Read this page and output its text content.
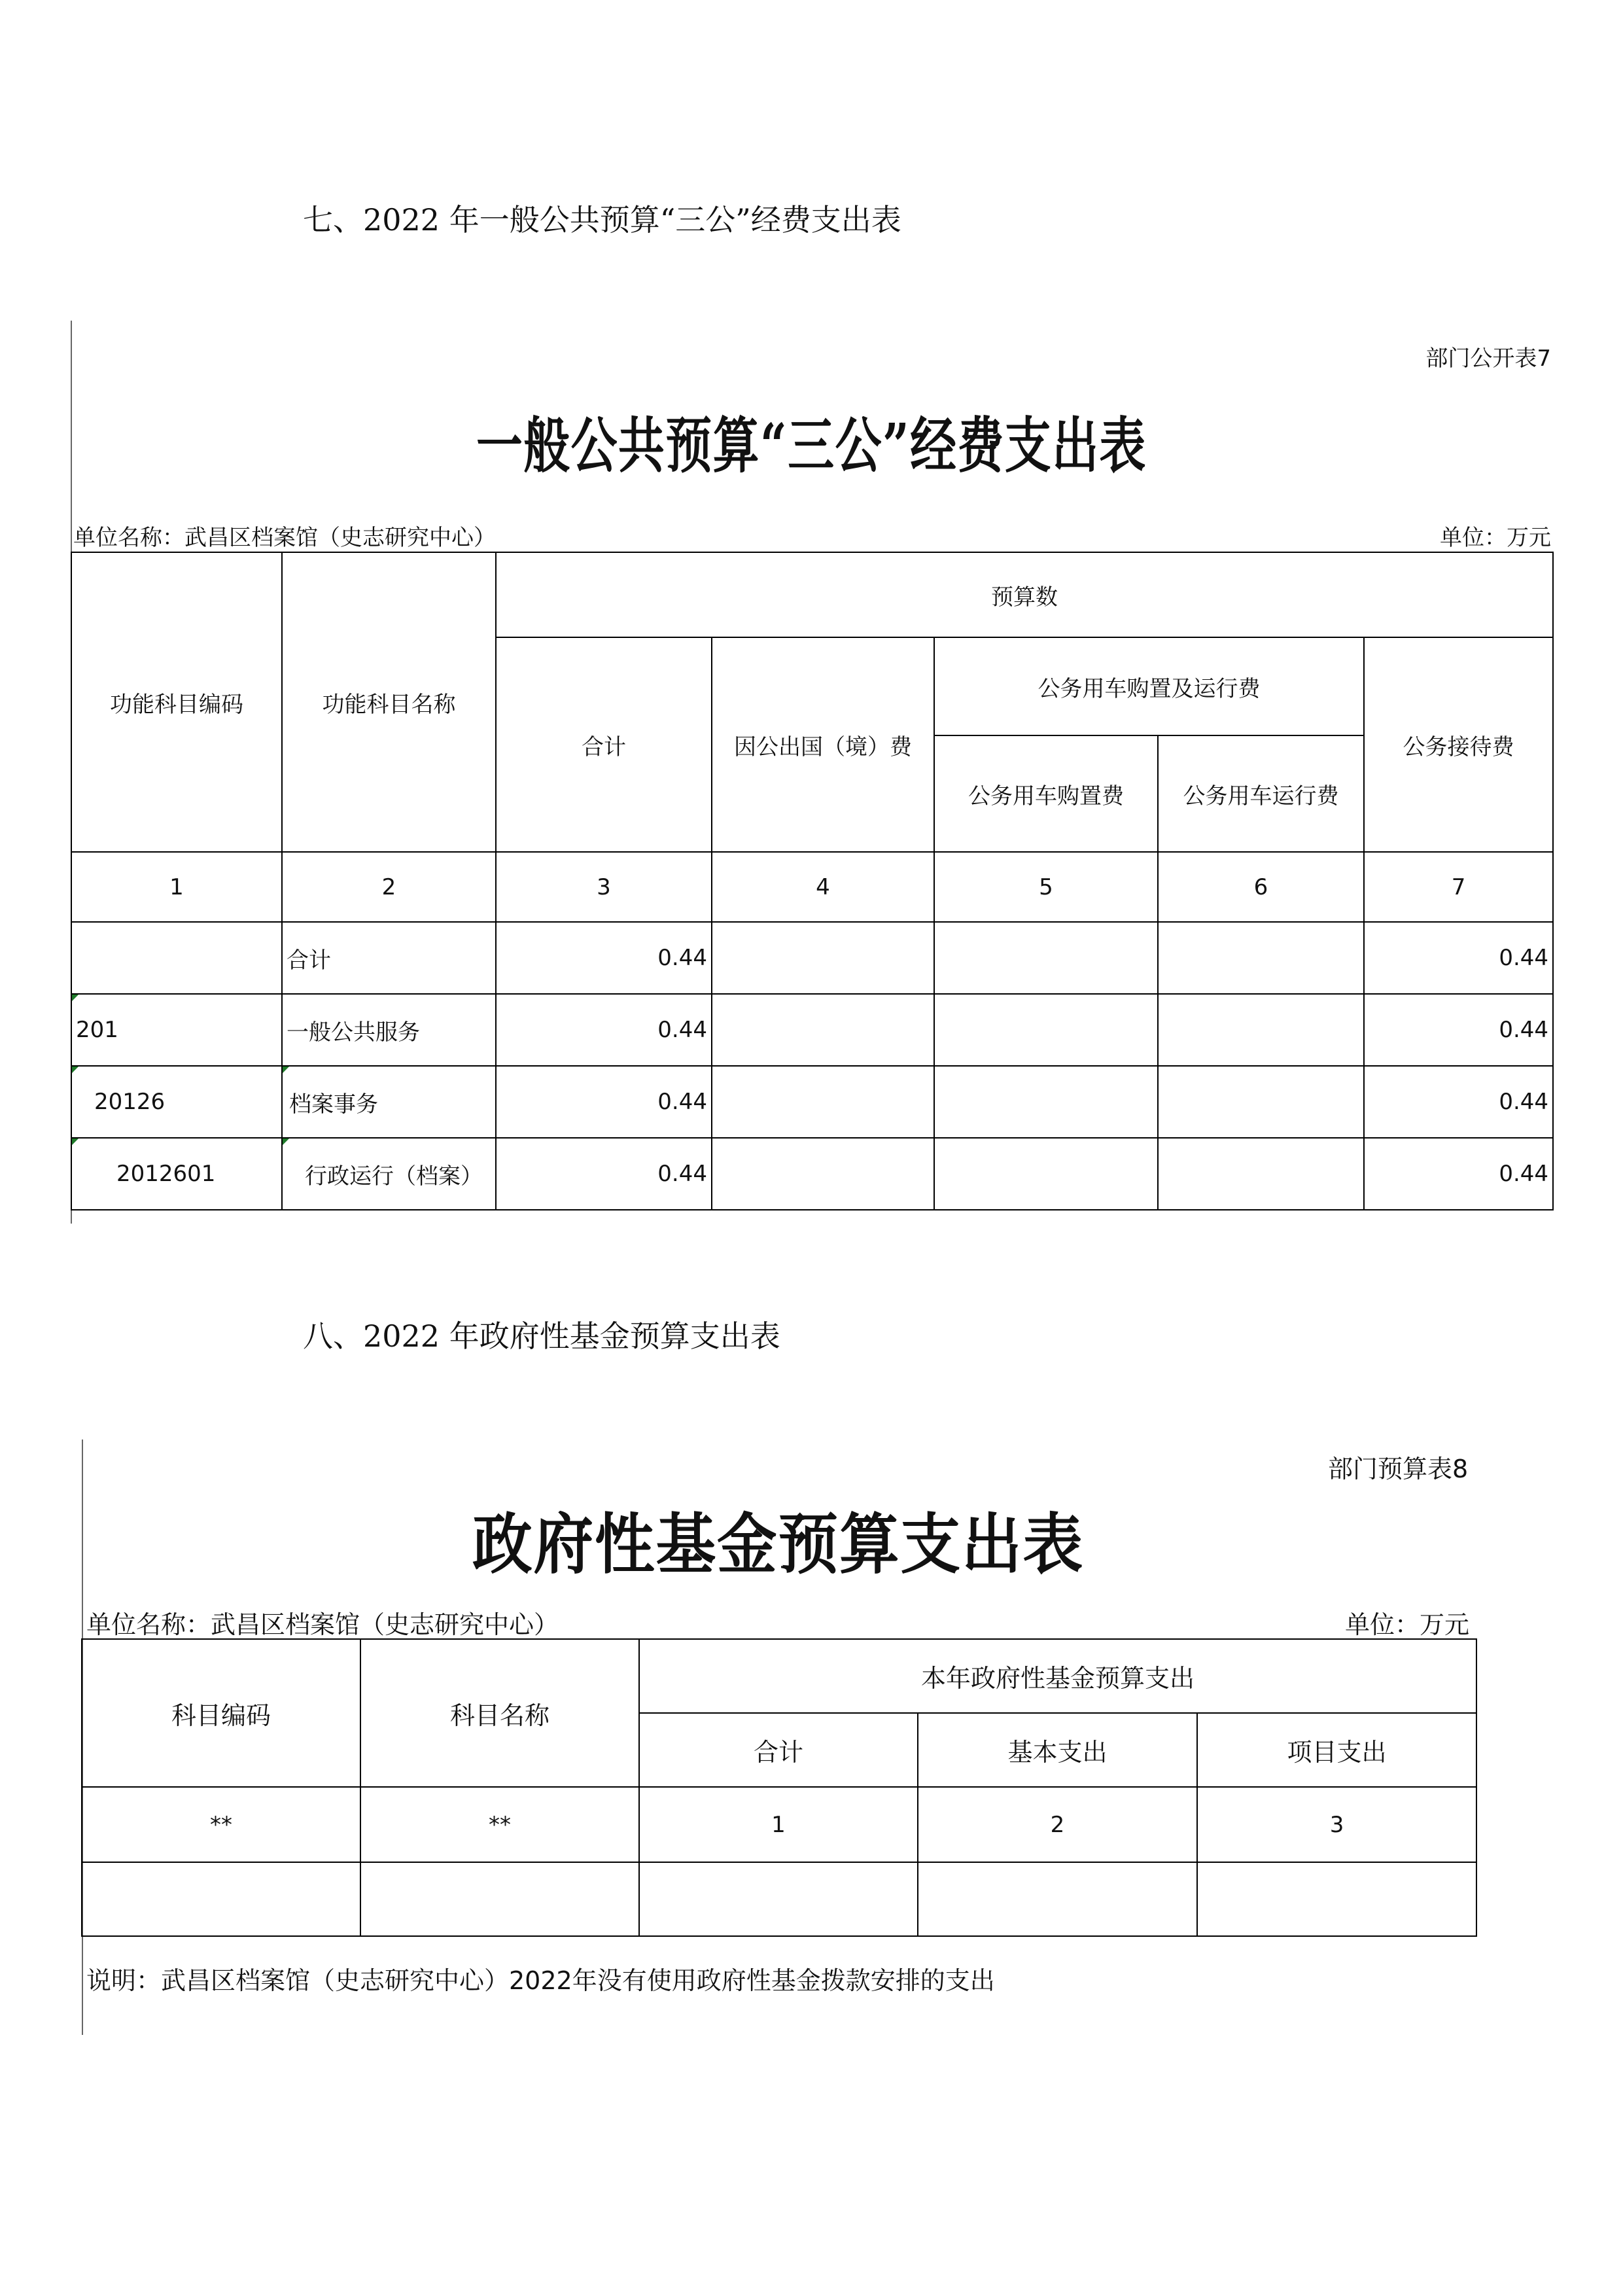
七、2022 年一般公共预算“三公”经费支出表
部门公开表7
一般公共预算“三公”经费支出表
单位名称：武昌区档案馆（史志研究中心）	单位：万元
功能科目编码	功能科目名称	预算数				
		合计	因公出国（境）费	公务用车购置及运行费		公务接待费
				公务用车购置费	公务用车运行费	
1	2	3	4	5	6	7
	合计	0.44				0.44
201	一般公共服务	0.44				0.44
20126	档案事务	0.44				0.44
2012601	行政运行（档案）	0.44				0.44
八、2022 年政府性基金预算支出表
部门预算表8
政府性基金预算支出表
单位名称：武昌区档案馆（史志研究中心）	单位：万元
科目编码	科目名称	本年政府性基金预算支出		
		合计	基本支出	项目支出
**	**	1	2	3

说明：武昌区档案馆（史志研究中心）2022年没有使用政府性基金拨款安排的支出
